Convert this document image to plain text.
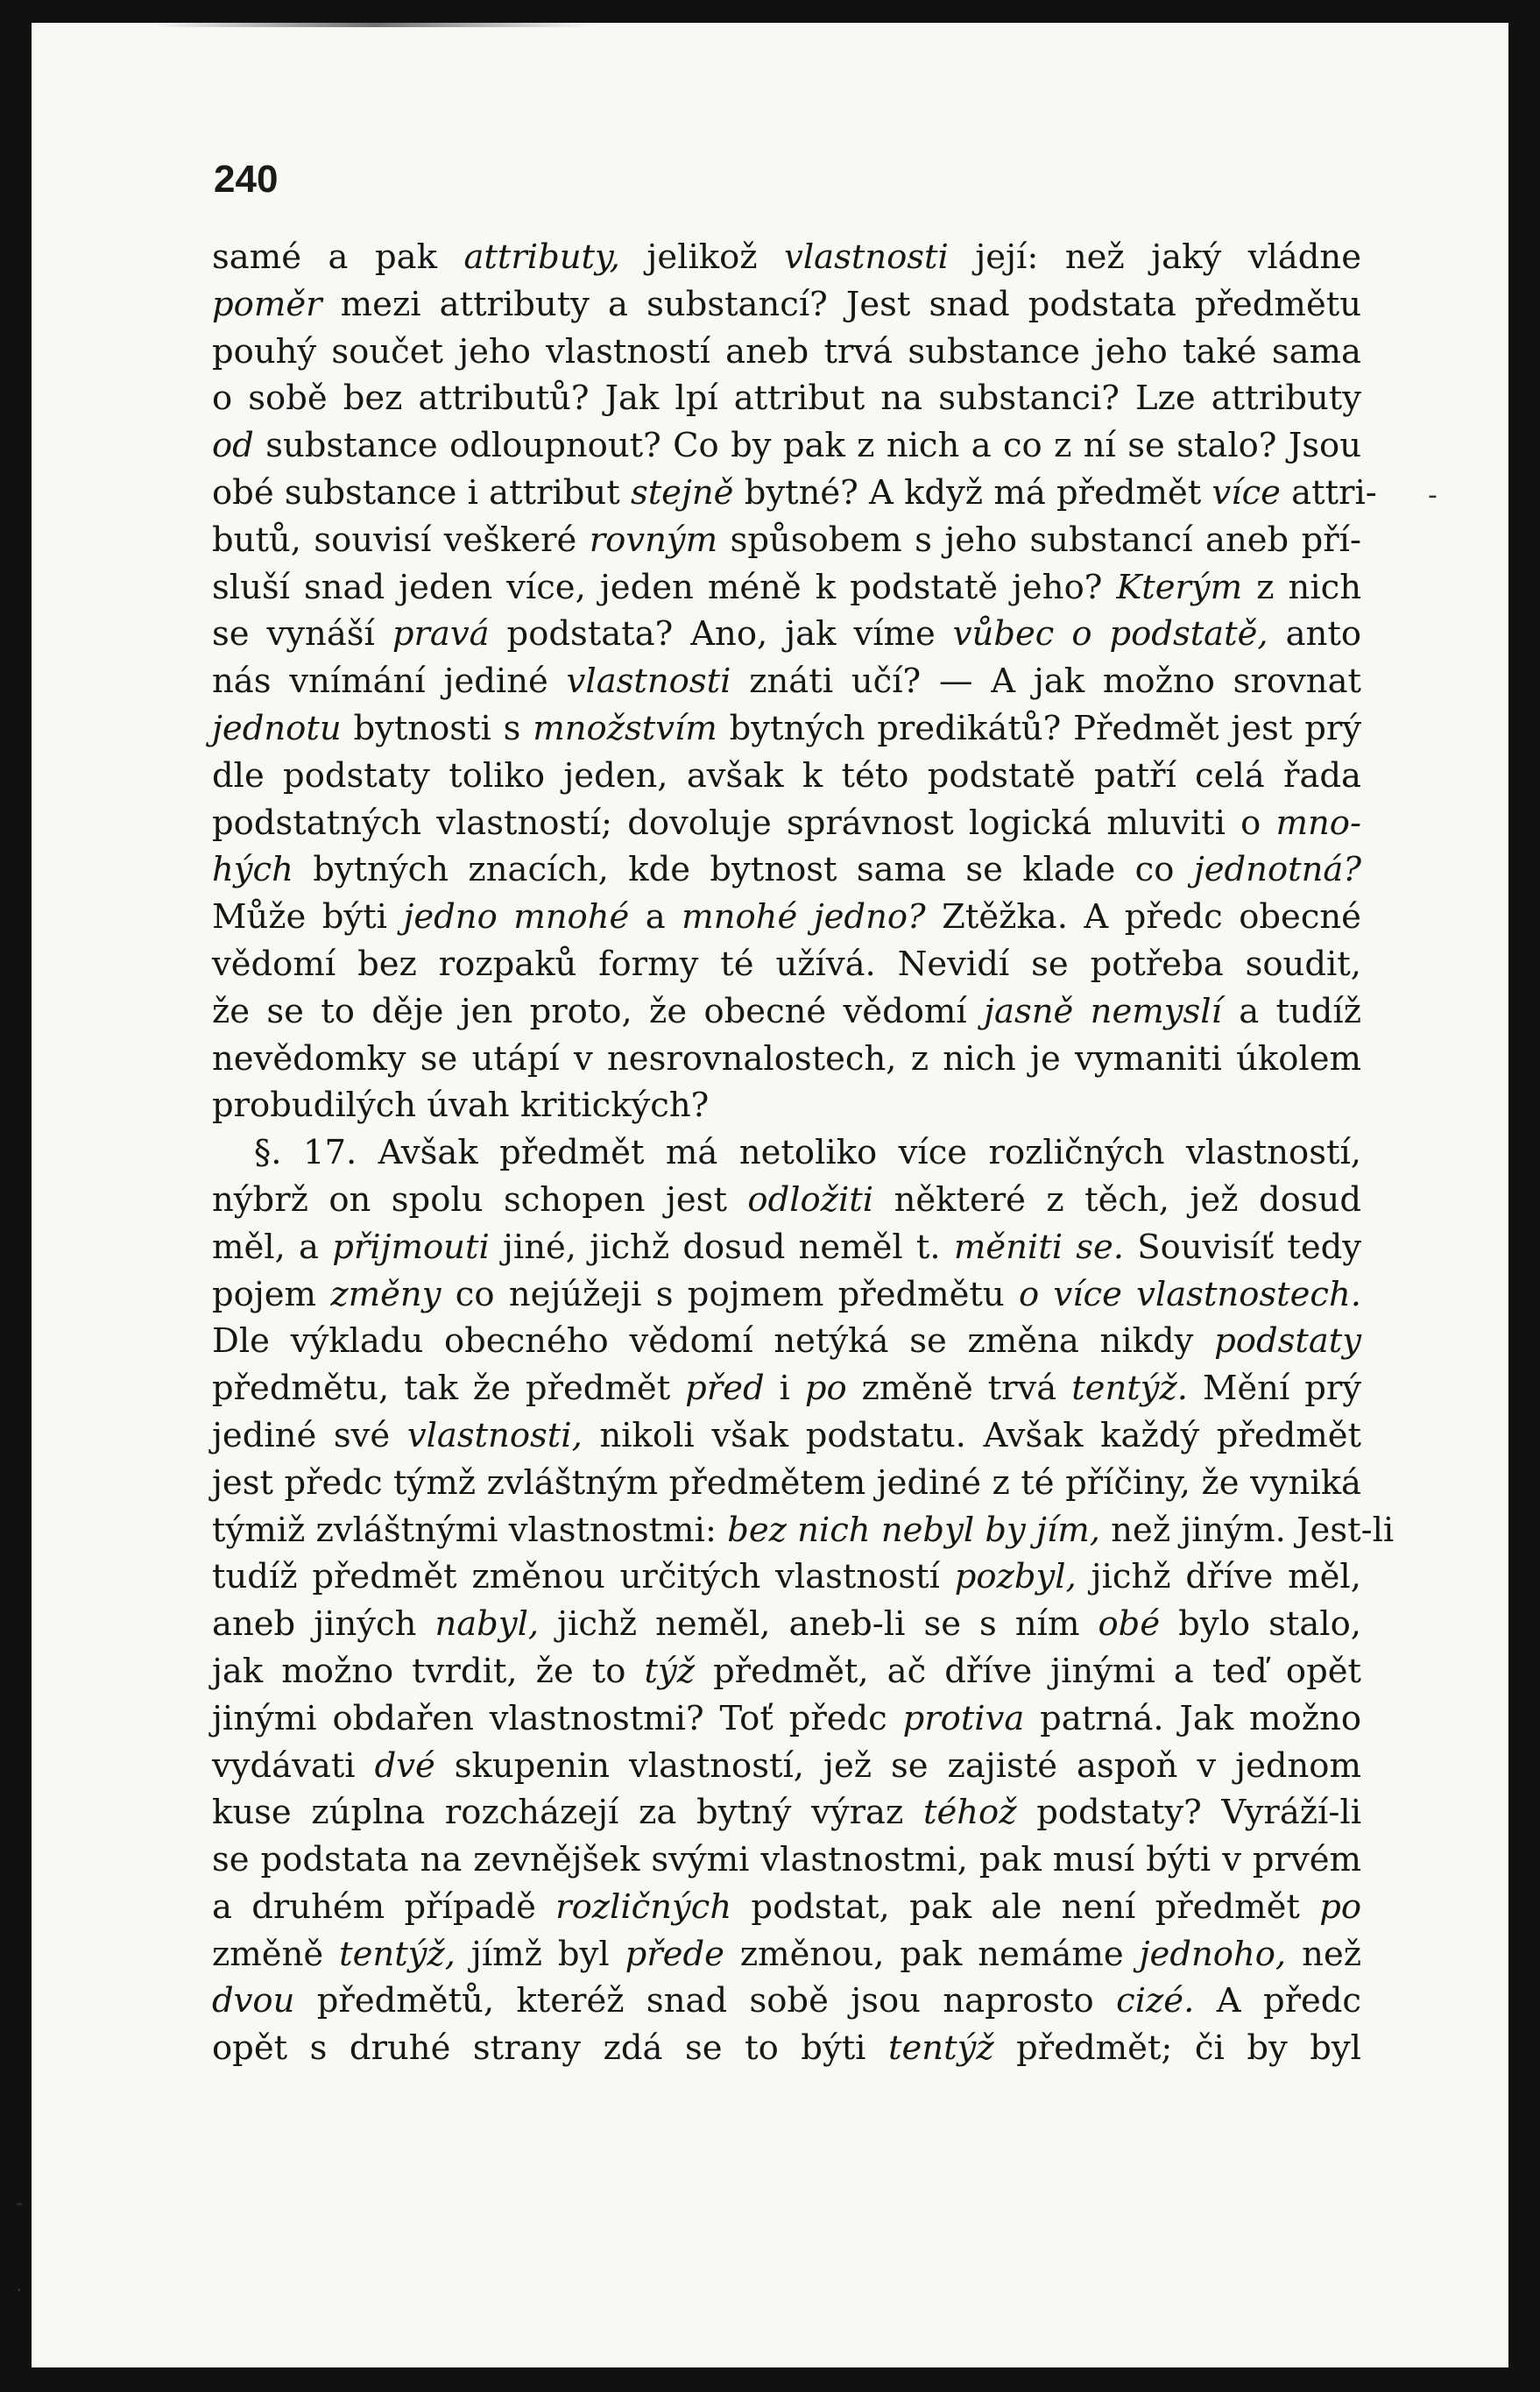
240
samé a pak attributy, jelikož vlastnosti její: než jaký vládne
poměr mezi attributy a substancí? Jest snad podstata předmětu
pouhý součet jeho vlastností aneb trvá substance jeho také sama
o sobě bez attributů? Jak lpí attribut na substanci? Lze attributy
od substance odloupnout? Co by pak z nich a co z ní se stalo? Jsou
obé substance i attribut stejně bytné? A když má předmět více attri-
butů, souvisí veškeré rovným spůsobem s jeho substancí aneb pří-
sluší snad jeden více, jeden méně k podstatě jeho? Kterým z nich
se vynáší pravá podstata? Ano, jak víme vůbec o podstatě, anto
nás vnímání jediné vlastnosti znáti učí? — A jak možno srovnat
jednotu bytnosti s množstvím bytných predikátů? Předmět jest prý
dle podstaty toliko jeden, avšak k této podstatě patří celá řada
podstatných vlastností; dovoluje správnost logická mluviti o mno-
hých bytných znacích, kde bytnost sama se klade co jednotná?
Může býti jedno mnohé a mnohé jedno? Ztěžka. A předc obecné
vědomí bez rozpaků formy té užívá. Nevidí se potřeba soudit,
že se to děje jen proto, že obecné vědomí jasně nemyslí a tudíž
nevědomky se utápí v nesrovnalostech, z nich je vymaniti úkolem
probudilých úvah kritických?
§. 17. Avšak předmět má netoliko více rozličných vlastností,
nýbrž on spolu schopen jest odložiti některé z těch, jež dosud
měl, a přijmouti jiné, jichž dosud neměl t. měniti se. Souvisíť tedy
pojem změny co nejúžeji s pojmem předmětu o více vlastnostech.
Dle výkladu obecného vědomí netýká se změna nikdy podstaty
předmětu, tak že předmět před i po změně trvá tentýž. Mění prý
jediné své vlastnosti, nikoli však podstatu. Avšak každý předmět
jest předc týmž zvláštným předmětem jediné z té příčiny, že vyniká
týmiž zvláštnými vlastnostmi: bez nich nebyl by jím, než jiným. Jest-li
tudíž předmět změnou určitých vlastností pozbyl, jichž dříve měl,
aneb jiných nabyl, jichž neměl, aneb-li se s ním obé bylo stalo,
jak možno tvrdit, že to týž předmět, ač dříve jinými a teď opět
jinými obdařen vlastnostmi? Toť předc protiva patrná. Jak možno
vydávati dvé skupenin vlastností, jež se zajisté aspoň v jednom
kuse zúplna rozcházejí za bytný výraz téhož podstaty? Vyráží-li
se podstata na zevnějšek svými vlastnostmi, pak musí býti v prvém
a druhém případě rozličných podstat, pak ale není předmět po
změně tentýž, jímž byl přede změnou, pak nemáme jednoho, než
dvou předmětů, kteréž snad sobě jsou naprosto cizé. A předc
opět s druhé strany zdá se to býti tentýž předmět; či by byl
-
-
·
